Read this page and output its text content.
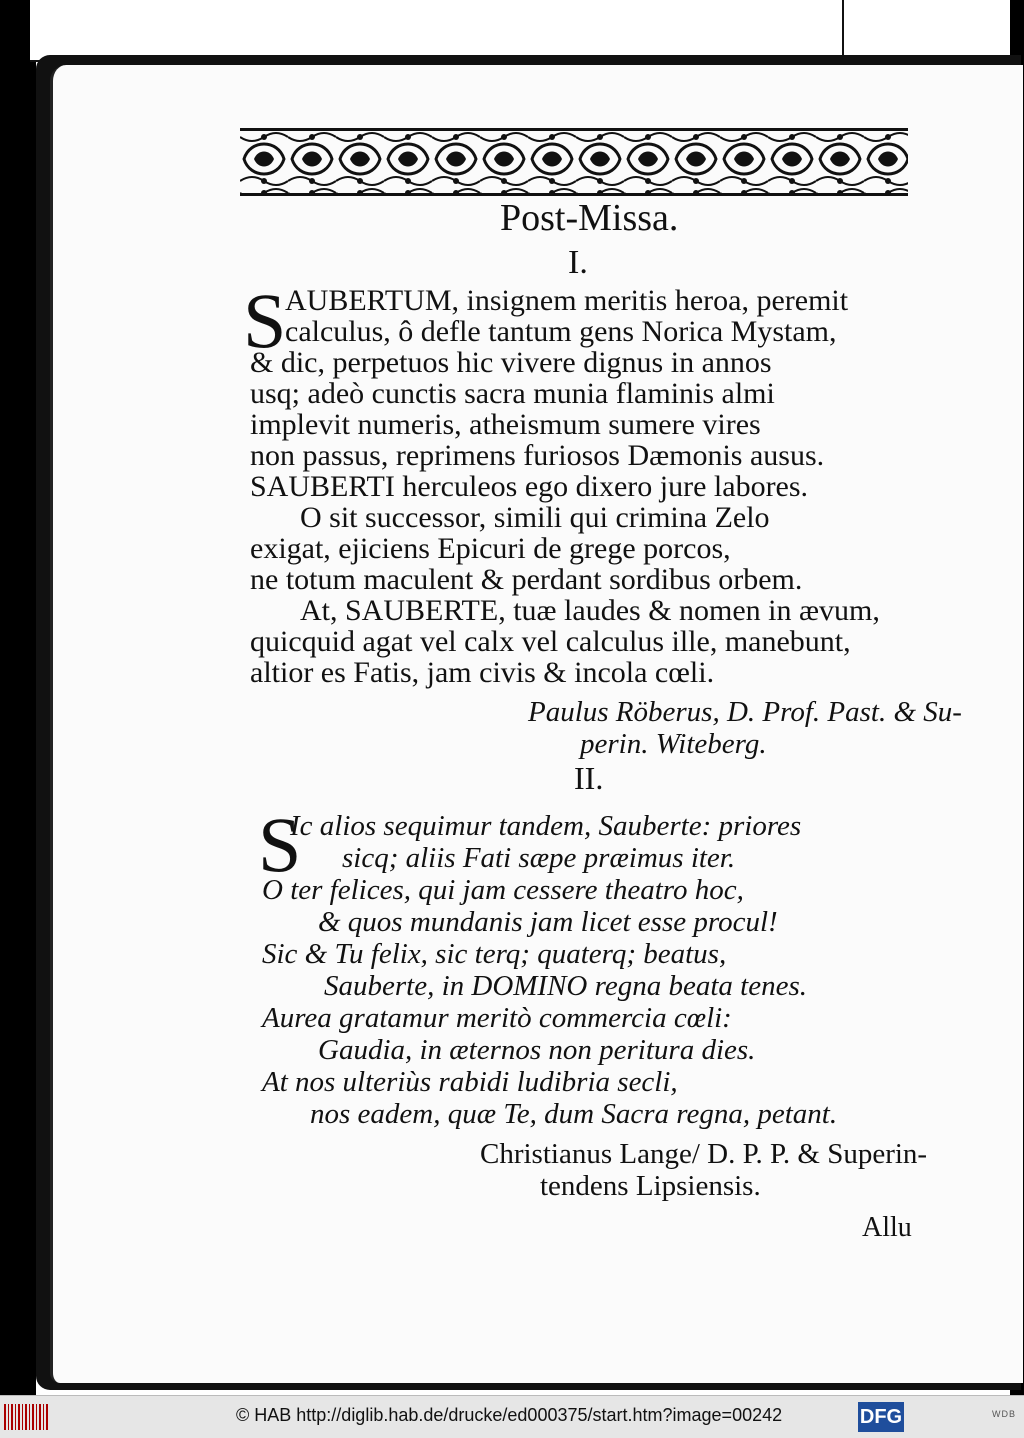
Post-Missa.
I.
S
AUBERTUM, insignem meritis heroa, peremit
calculus, ô defle tantum gens Norica Mystam,
& dic, perpetuos hic vivere dignus in annos
usq; adeò cunctis sacra munia flaminis almi
implevit numeris, atheismum sumere vires
non passus, reprimens furiosos Dæmonis ausus.
SAUBERTI herculeos ego dixero jure labores.
O sit successor, simili qui crimina Zelo
exigat, ejiciens Epicuri de grege porcos,
ne totum maculent & perdant sordibus orbem.
At, SAUBERTE, tuæ laudes & nomen in ævum,
quicquid agat vel calx vel calculus ille, manebunt,
altior es Fatis, jam civis & incola cœli.
Paulus Röberus, D. Prof. Past. & Su-
perin. Witeberg.
II.
S
Ic alios sequimur tandem, Sauberte: priores
sicq; aliis Fati sæpe præimus iter.
O ter felices, qui jam cessere theatro hoc,
& quos mundanis jam licet esse procul!
Sic & Tu felix, sic terq; quaterq; beatus,
Sauberte, in DOMINO regna beata tenes.
Aurea gratamur meritò commercia cœli:
Gaudia, in æternos non peritura dies.
At nos ulteriùs rabidi ludibria secli,
nos eadem, quæ Te, dum Sacra regna, petant.
Christianus Lange/ D. P. P. & Superin-
tendens Lipsiensis.
Allu
© HAB http://diglib.hab.de/drucke/ed000375/start.htm?image=00242	DFG	WDB
